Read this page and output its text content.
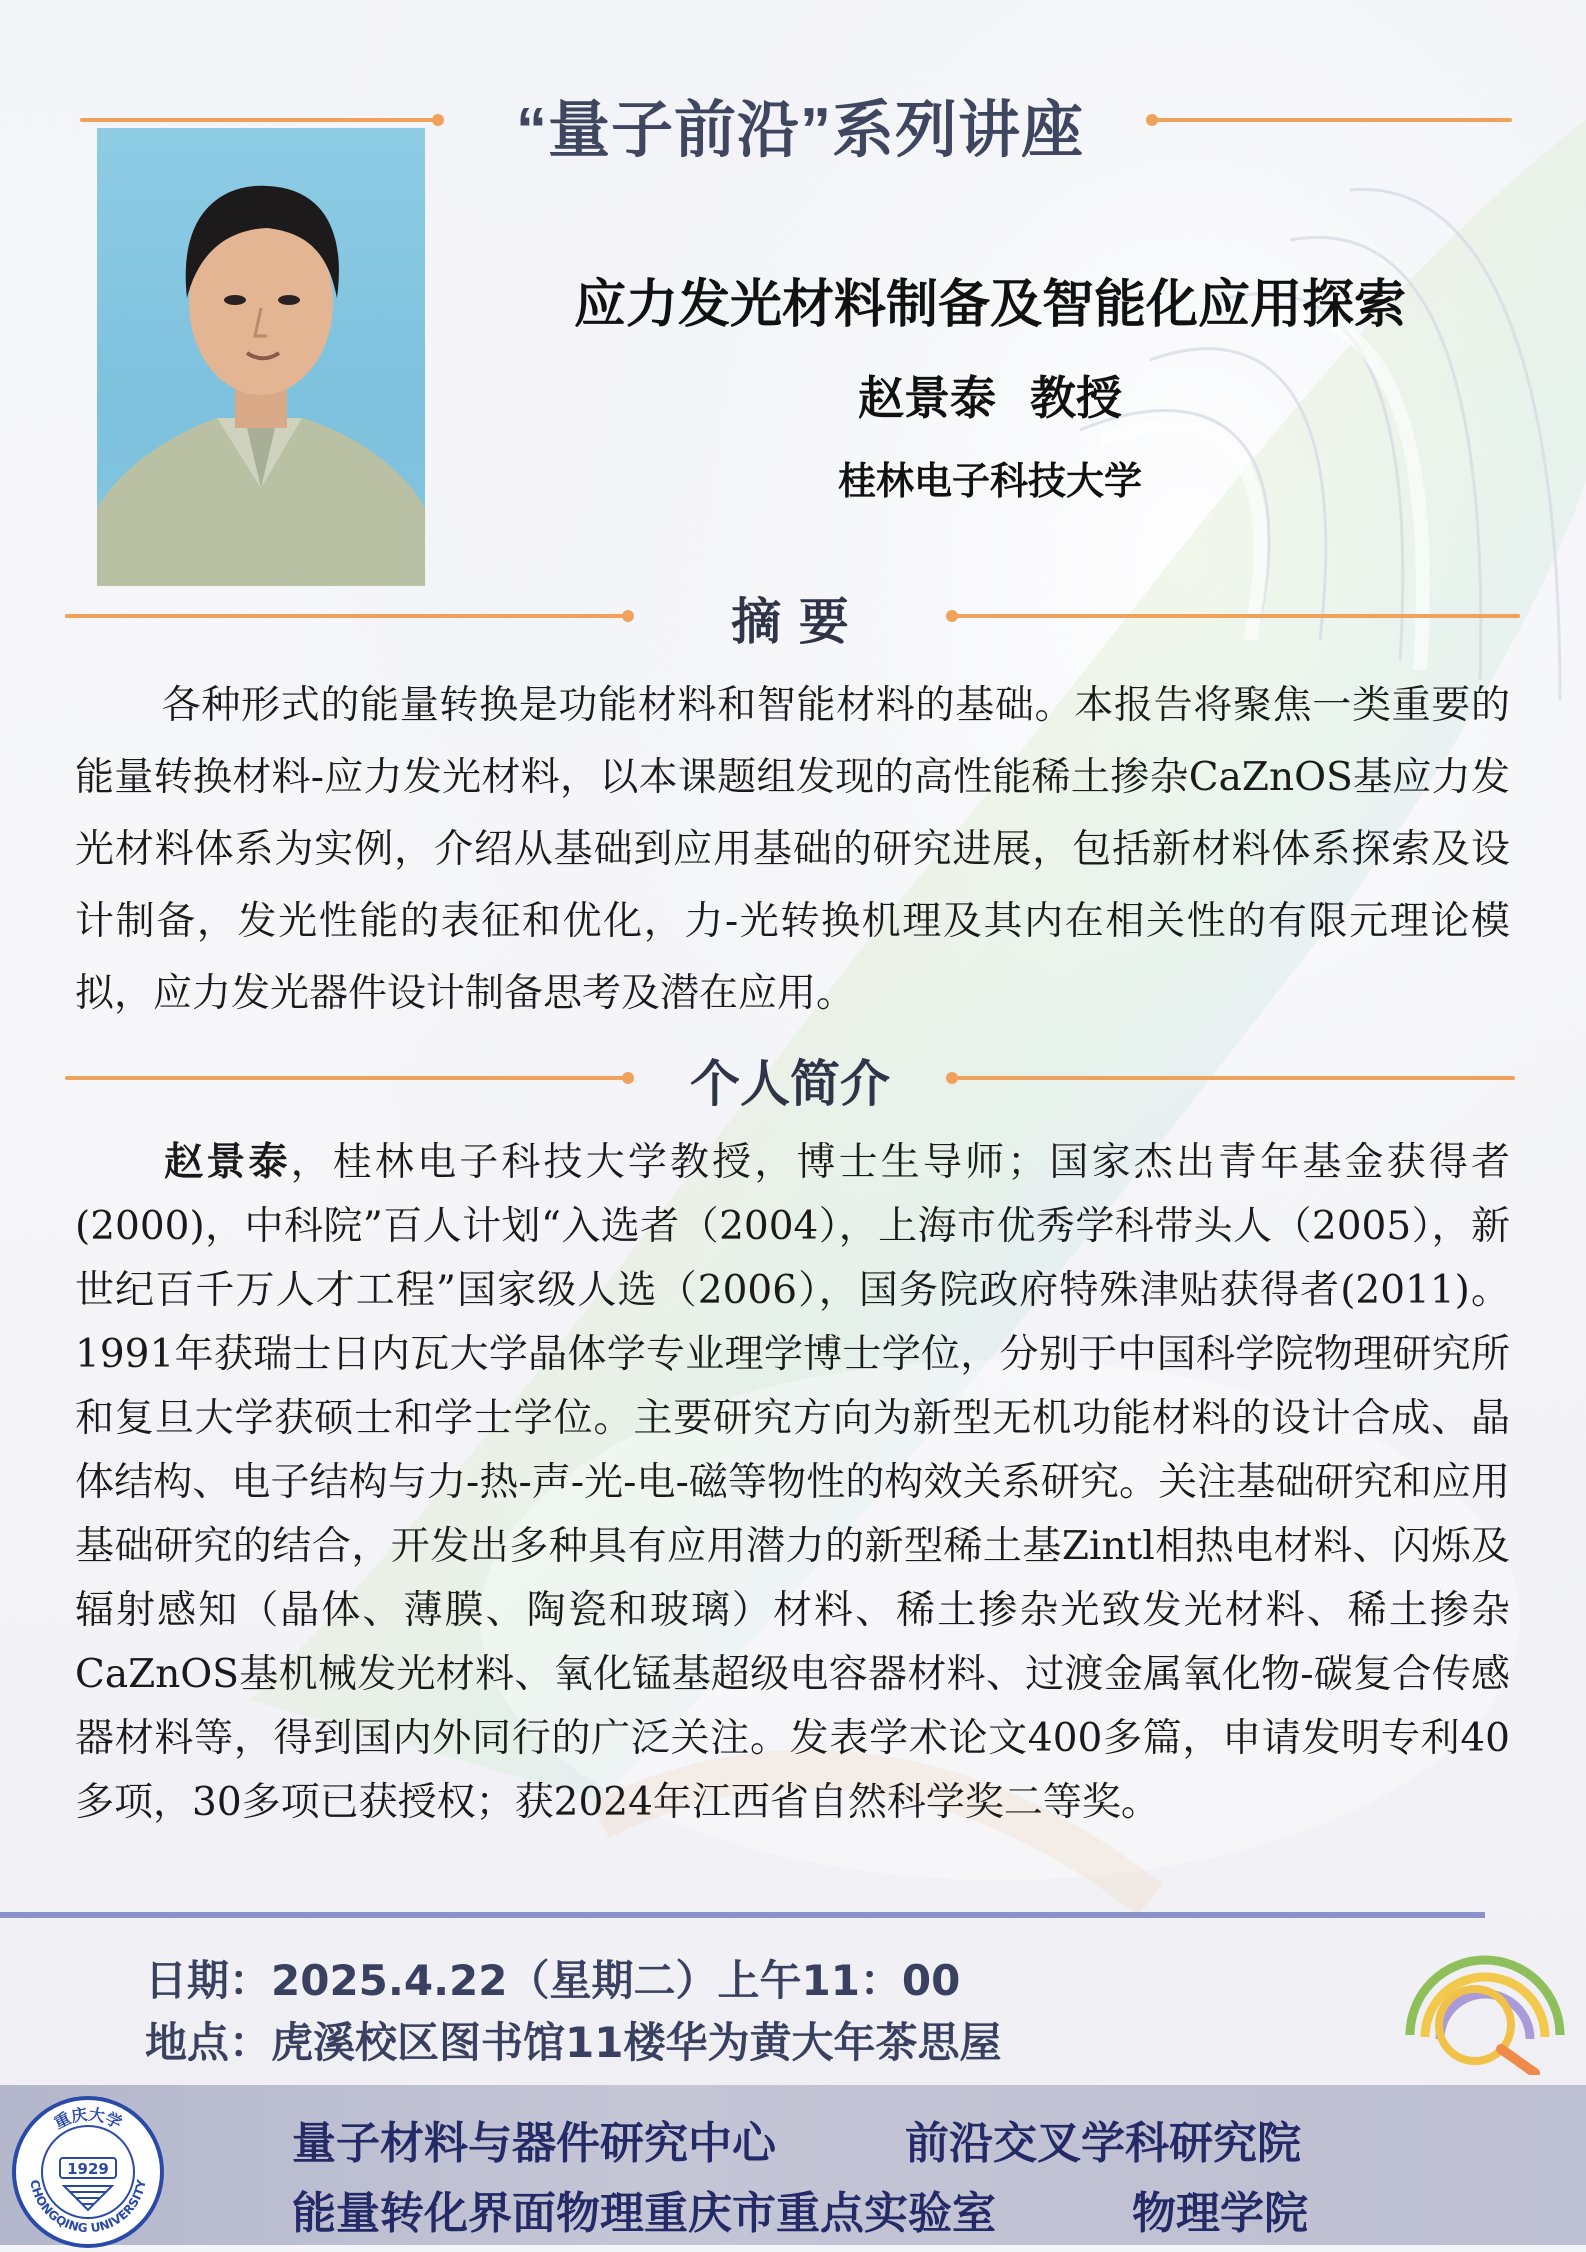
“量子前沿”系列讲座
应力发光材料制备及智能化应用探索
赵景泰 教授
桂林电子科技大学
摘 要
各种形式的能量转换是功能材料和智能材料的基础。本报告将聚焦一类重要的能量转换材料-应力发光材料，以本课题组发现的高性能稀土掺杂CaZnOS基应力发光材料体系为实例，介绍从基础到应用基础的研究进展，包括新材料体系探索及设计制备，发光性能的表征和优化，力-光转换机理及其内在相关性的有限元理论模拟，应力发光器件设计制备思考及潜在应用。
个人简介
赵景泰，桂林电子科技大学教授，博士生导师；国家杰出青年基金获得者 (2000)，中科院”百人计划“入选者（2004），上海市优秀学科带头人（2005），新世纪百千万人才工程”国家级人选（2006），国务院政府特殊津贴获得者(2011)。1991年获瑞士日内瓦大学晶体学专业理学博士学位，分别于中国科学院物理研究所和复旦大学获硕士和学士学位。主要研究方向为新型无机功能材料的设计合成、晶体结构、电子结构与力-热-声-光-电-磁等物性的构效关系研究。关注基础研究和应用基础研究的结合，开发出多种具有应用潜力的新型稀土基Zintl相热电材料、闪烁及辐射感知（晶体、薄膜、陶瓷和玻璃）材料、稀土掺杂光致发光材料、稀土掺杂CaZnOS基机械发光材料、氧化锰基超级电容器材料、过渡金属氧化物-碳复合传感器材料等，得到国内外同行的广泛关注。发表学术论文400多篇，申请发明专利40多项，30多项已获授权；获2024年江西省自然科学奖二等奖。
日期：2025.4.22（星期二）上午11：00
地点：虎溪校区图书馆11楼华为黄大年茶思屋
量子材料与器件研究中心	前沿交叉学科研究院
能量转化界面物理重庆市重点实验室	物理学院
重庆大学
1929
CHONGQING UNIVERSITY
